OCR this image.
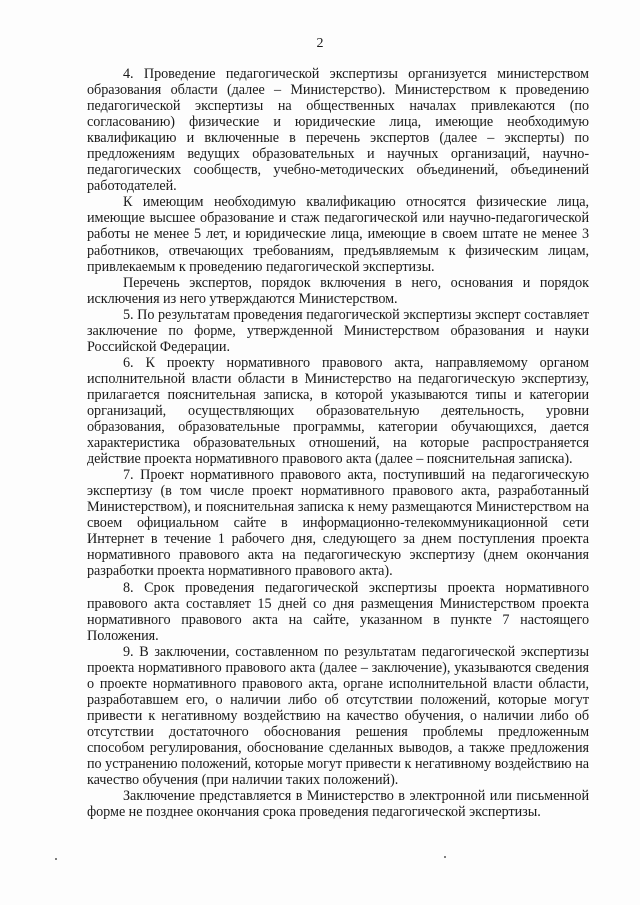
2

4. Проведение педагогической экспертизы организуется министерством образования области (далее – Министерство). Министерством к проведению педагогической экспертизы на общественных началах привлекаются (по согласованию) физические и юридические лица, имеющие необходимую квалификацию и включенные в перечень экспертов (далее – эксперты) по предложениям ведущих образовательных и научных организаций, научно-педагогических сообществ, учебно-методических объединений, объединений работодателей.

К имеющим необходимую квалификацию относятся физические лица, имеющие высшее образование и стаж педагогической или научно-педагогической работы не менее 5 лет, и юридические лица, имеющие в своем штате не менее 3 работников, отвечающих требованиям, предъявляемым к физическим лицам, привлекаемым к проведению педагогической экспертизы.

Перечень экспертов, порядок включения в него, основания и порядок исключения из него утверждаются Министерством.

5. По результатам проведения педагогической экспертизы эксперт составляет заключение по форме, утвержденной Министерством образования и науки Российской Федерации.

6. К проекту нормативного правового акта, направляемому органом исполнительной власти области в Министерство на педагогическую экспертизу, прилагается пояснительная записка, в которой указываются типы и категории организаций, осуществляющих образовательную деятельность, уровни образования, образовательные программы, категории обучающихся, дается характеристика образовательных отношений, на которые распространяется действие проекта нормативного правового акта (далее – пояснительная записка).

7. Проект нормативного правового акта, поступивший на педагогическую экспертизу (в том числе проект нормативного правового акта, разработанный Министерством), и пояснительная записка к нему размещаются Министерством на своем официальном сайте в информационно-телекоммуникационной сети Интернет в течение 1 рабочего дня, следующего за днем поступления проекта нормативного правового акта на педагогическую экспертизу (днем окончания разработки проекта нормативного правового акта).

8. Срок проведения педагогической экспертизы проекта нормативного правового акта составляет 15 дней со дня размещения Министерством проекта нормативного правового акта на сайте, указанном в пункте 7 настоящего Положения.

9. В заключении, составленном по результатам педагогической экспертизы проекта нормативного правового акта (далее – заключение), указываются сведения о проекте нормативного правового акта, органе исполнительной власти области, разработавшем его, о наличии либо об отсутствии положений, которые могут привести к негативному воздействию на качество обучения, о наличии либо об отсутствии достаточного обоснования решения проблемы предложенным способом регулирования, обоснование сделанных выводов, а также предложения по устранению положений, которые могут привести к негативному воздействию на качество обучения (при наличии таких положений).

Заключение представляется в Министерство в электронной или письменной форме не позднее окончания срока проведения педагогической экспертизы.
